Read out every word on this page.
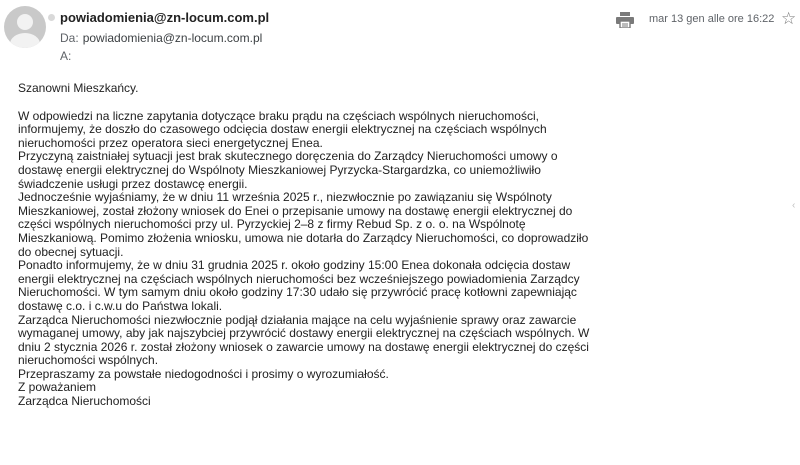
powiadomienia@zn-locum.com.pl
Da: powiadomienia@zn-locum.com.pl
A:
mar 13 gen alle ore 16:22 ☆
‹

Szanowni Mieszkańcy.

W odpowiedzi na liczne zapytania dotyczące braku prądu na częściach wspólnych nieruchomości, informujemy, że doszło do czasowego odcięcia dostaw energii elektrycznej na częściach wspólnych nieruchomości przez operatora sieci energetycznej Enea.

Przyczyną zaistniałej sytuacji jest brak skutecznego doręczenia do Zarządcy Nieruchomości umowy o dostawę energii elektrycznej do Wspólnoty Mieszkaniowej Pyrzycka-Stargardzka, co uniemożliwiło świadczenie usługi przez dostawcę energii.

Jednocześnie wyjaśniamy, że w dniu 11 września 2025 r., niezwłocznie po zawiązaniu się Wspólnoty Mieszkaniowej, został złożony wniosek do Enei o przepisanie umowy na dostawę energii elektrycznej do części wspólnych nieruchomości przy ul. Pyrzyckiej 2–8 z firmy Rebud Sp. z o. o. na Wspólnotę Mieszkaniową. Pomimo złożenia wniosku, umowa nie dotarła do Zarządcy Nieruchomości, co doprowadziło do obecnej sytuacji.

Ponadto informujemy, że w dniu 31 grudnia 2025 r. około godziny 15:00 Enea dokonała odcięcia dostaw energii elektrycznej na częściach wspólnych nieruchomości bez wcześniejszego powiadomienia Zarządcy Nieruchomości. W tym samym dniu około godziny 17:30 udało się przywrócić pracę kotłowni zapewniając dostawę c.o. i c.w.u do Państwa lokali.

Zarządca Nieruchomości niezwłocznie podjął działania mające na celu wyjaśnienie sprawy oraz zawarcie wymaganej umowy, aby jak najszybciej przywrócić dostawy energii elektrycznej na częściach wspólnych. W dniu 2 stycznia 2026 r. został złożony wniosek o zawarcie umowy na dostawę energii elektrycznej do części nieruchomości wspólnych.

Przepraszamy za powstałe niedogodności i prosimy o wyrozumiałość.

Z poważaniem

Zarządca Nieruchomości
